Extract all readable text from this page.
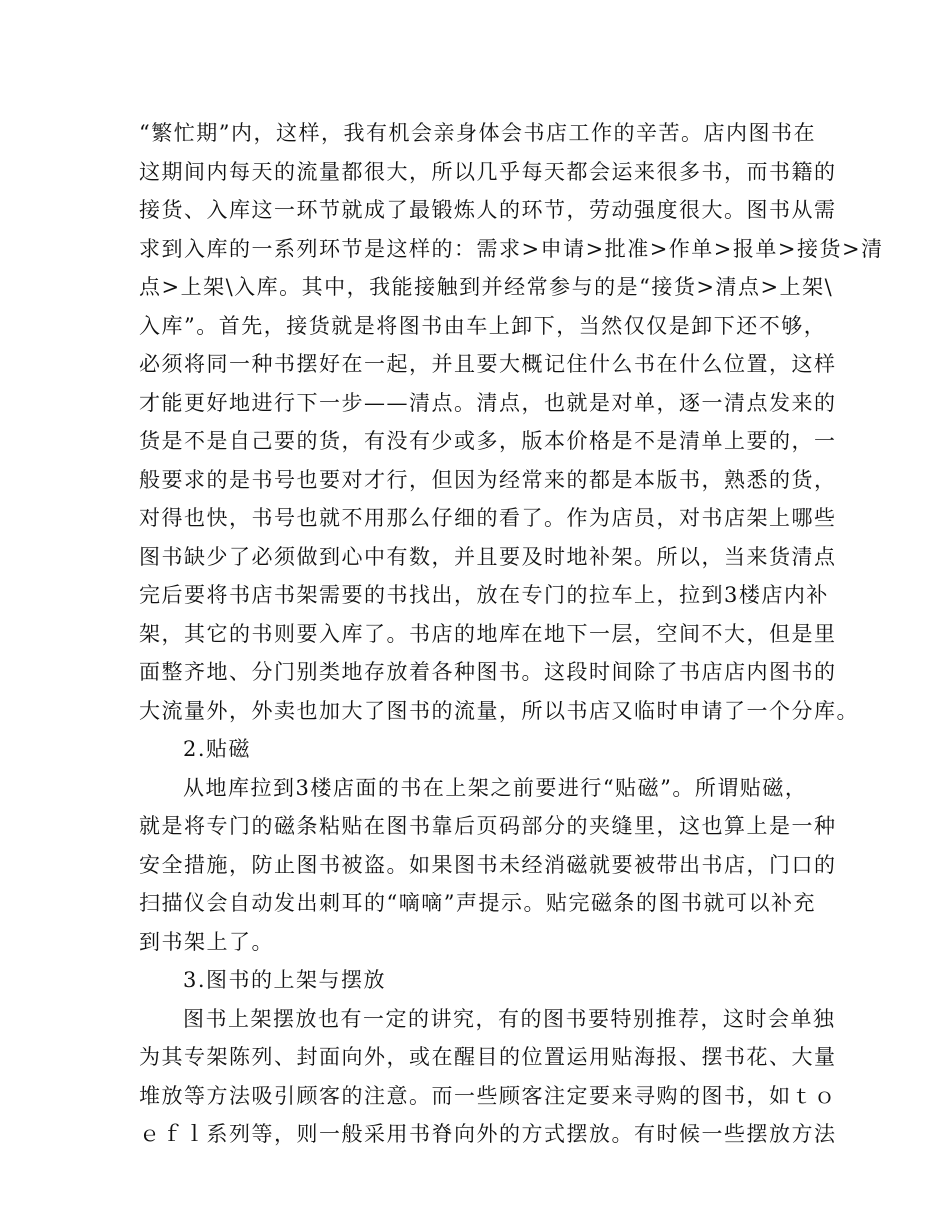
“繁忙期”内，这样，我有机会亲身体会书店工作的辛苦。店内图书在
这期间内每天的流量都很大，所以几乎每天都会运来很多书，而书籍的
接货、入库这一环节就成了最锻炼人的环节，劳动强度很大。图书从需
求到入库的一系列环节是这样的：需求>申请>批准>作单>报单>接货>清
点>上架\入库。其中，我能接触到并经常参与的是“接货>清点>上架\
入库”。首先，接货就是将图书由车上卸下，当然仅仅是卸下还不够，
必须将同一种书摆好在一起，并且要大概记住什么书在什么位置，这样
才能更好地进行下一步——清点。清点，也就是对单，逐一清点发来的
货是不是自己要的货，有没有少或多，版本价格是不是清单上要的，一
般要求的是书号也要对才行，但因为经常来的都是本版书，熟悉的货，
对得也快，书号也就不用那么仔细的看了。作为店员，对书店架上哪些
图书缺少了必须做到心中有数，并且要及时地补架。所以，当来货清点
完后要将书店书架需要的书找出，放在专门的拉车上，拉到3楼店内补
架，其它的书则要入库了。书店的地库在地下一层，空间不大，但是里
面整齐地、分门别类地存放着各种图书。这段时间除了书店店内图书的
大流量外，外卖也加大了图书的流量，所以书店又临时申请了一个分库。
2.贴磁
从地库拉到3楼店面的书在上架之前要进行“贴磁”。所谓贴磁，
就是将专门的磁条粘贴在图书靠后页码部分的夹缝里，这也算上是一种
安全措施，防止图书被盗。如果图书未经消磁就要被带出书店，门口的
扫描仪会自动发出刺耳的“嘀嘀”声提示。贴完磁条的图书就可以补充
到书架上了。
3.图书的上架与摆放
图书上架摆放也有一定的讲究，有的图书要特别推荐，这时会单独
为其专架陈列、封面向外，或在醒目的位置运用贴海报、摆书花、大量
堆放等方法吸引顾客的注意。而一些顾客注定要来寻购的图书，如ｔｏ
ｅｆｌ系列等，则一般采用书脊向外的方式摆放。有时候一些摆放方法
